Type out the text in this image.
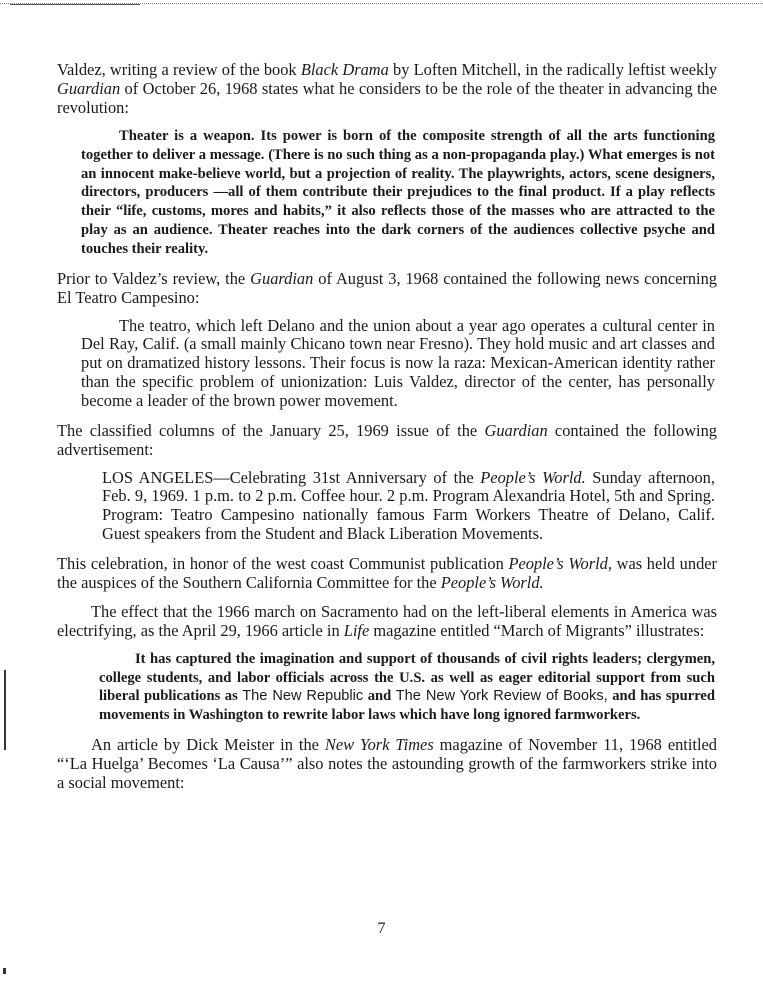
Valdez, writing a review of the book Black Drama by Loften Mitchell, in the radically leftist weekly Guardian of October 26, 1968 states what he considers to be the role of the theater in advancing the revolution:

Theater is a weapon. Its power is born of the composite strength of all the arts functioning together to deliver a message. (There is no such thing as a non-propaganda play.) What emerges is not an innocent make-believe world, but a projection of reality. The playwrights, actors, scene designers, directors, producers —all of them contribute their prejudices to the final product. If a play reflects their “life, customs, mores and habits,” it also reflects those of the masses who are attracted to the play as an audience. Theater reaches into the dark corners of the audiences collective psyche and touches their reality.

Prior to Valdez’s review, the Guardian of August 3, 1968 contained the following news concerning El Teatro Campesino:

The teatro, which left Delano and the union about a year ago operates a cultural center in Del Ray, Calif. (a small mainly Chicano town near Fresno). They hold music and art classes and put on dramatized history lessons. Their focus is now la raza: Mexican-American identity rather than the specific problem of unionization: Luis Valdez, director of the center, has personally become a leader of the brown power movement.

The classified columns of the January 25, 1969 issue of the Guardian contained the following advertisement:

LOS ANGELES—Celebrating 31st Anniversary of the People’s World. Sunday afternoon, Feb. 9, 1969. 1 p.m. to 2 p.m. Coffee hour. 2 p.m. Program Alexandria Hotel, 5th and Spring. Program: Teatro Campesino nationally famous Farm Workers Theatre of Delano, Calif. Guest speakers from the Student and Black Liberation Movements.

This celebration, in honor of the west coast Communist publication People’s World, was held under the auspices of the Southern California Committee for the People’s World.

The effect that the 1966 march on Sacramento had on the left-liberal elements in America was electrifying, as the April 29, 1966 article in Life magazine entitled “March of Migrants” illustrates:

It has captured the imagination and support of thousands of civil rights leaders; clergymen, college students, and labor officials across the U.S. as well as eager editorial support from such liberal publications as The New Republic and The New York Review of Books, and has spurred movements in Washington to rewrite labor laws which have long ignored farmworkers.

An article by Dick Meister in the New York Times magazine of November 11, 1968 entitled “‘La Huelga’ Becomes ‘La Causa’” also notes the astounding growth of the farmworkers strike into a social movement:

7
